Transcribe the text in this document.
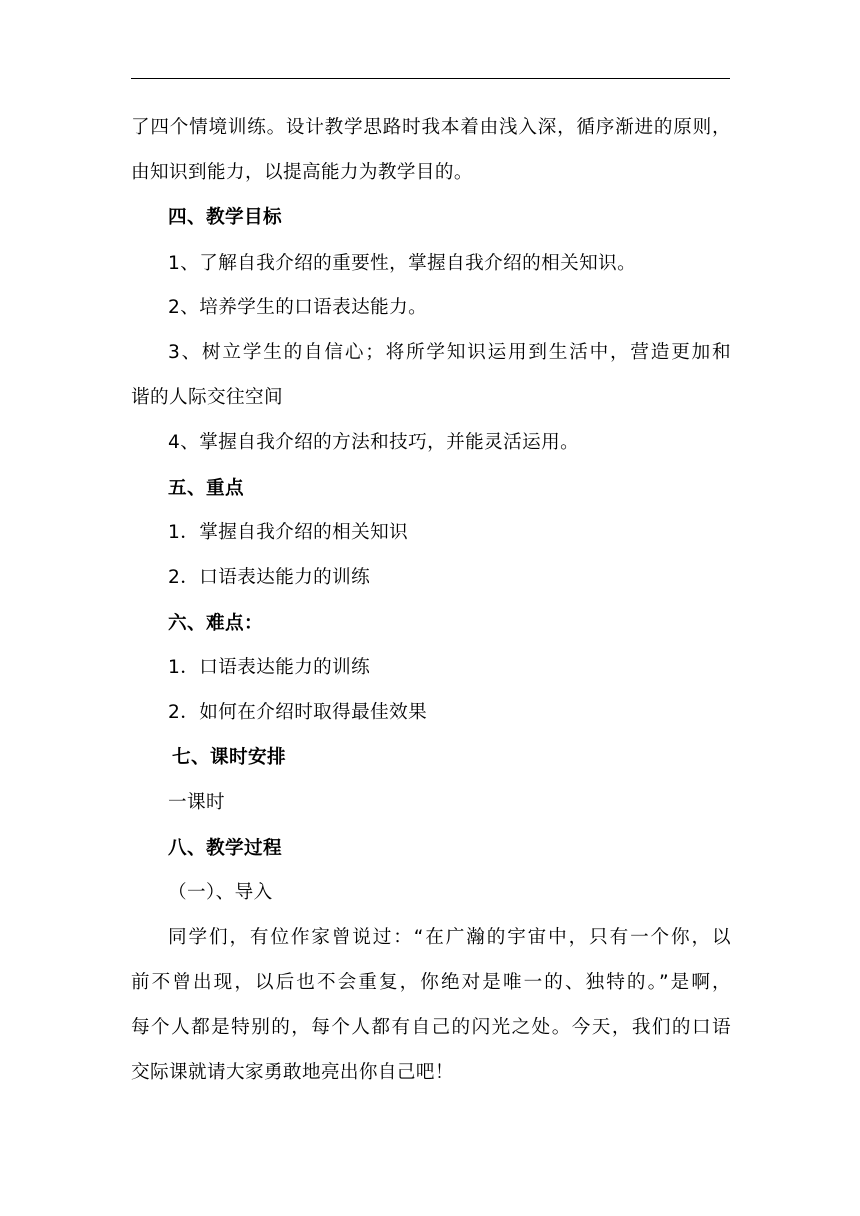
了四个情境训练。设计教学思路时我本着由浅入深，循序渐进的原则，
由知识到能力，以提高能力为教学目的。
四、教学目标
1、了解自我介绍的重要性，掌握自我介绍的相关知识。
2、培养学生的口语表达能力。
3、树立学生的自信心；将所学知识运用到生活中，营造更加和
谐的人际交往空间
4、掌握自我介绍的方法和技巧，并能灵活运用。
五、重点
1．掌握自我介绍的相关知识
2．口语表达能力的训练
六、难点：
1．口语表达能力的训练
2．如何在介绍时取得最佳效果
七、课时安排
一课时
八、教学过程
（一）、导入
同学们，有位作家曾说过：“在广瀚的宇宙中，只有一个你，以
前不曾出现，以后也不会重复，你绝对是唯一的、独特的。”是啊，
每个人都是特别的，每个人都有自己的闪光之处。今天，我们的口语
交际课就请大家勇敢地亮出你自己吧！
